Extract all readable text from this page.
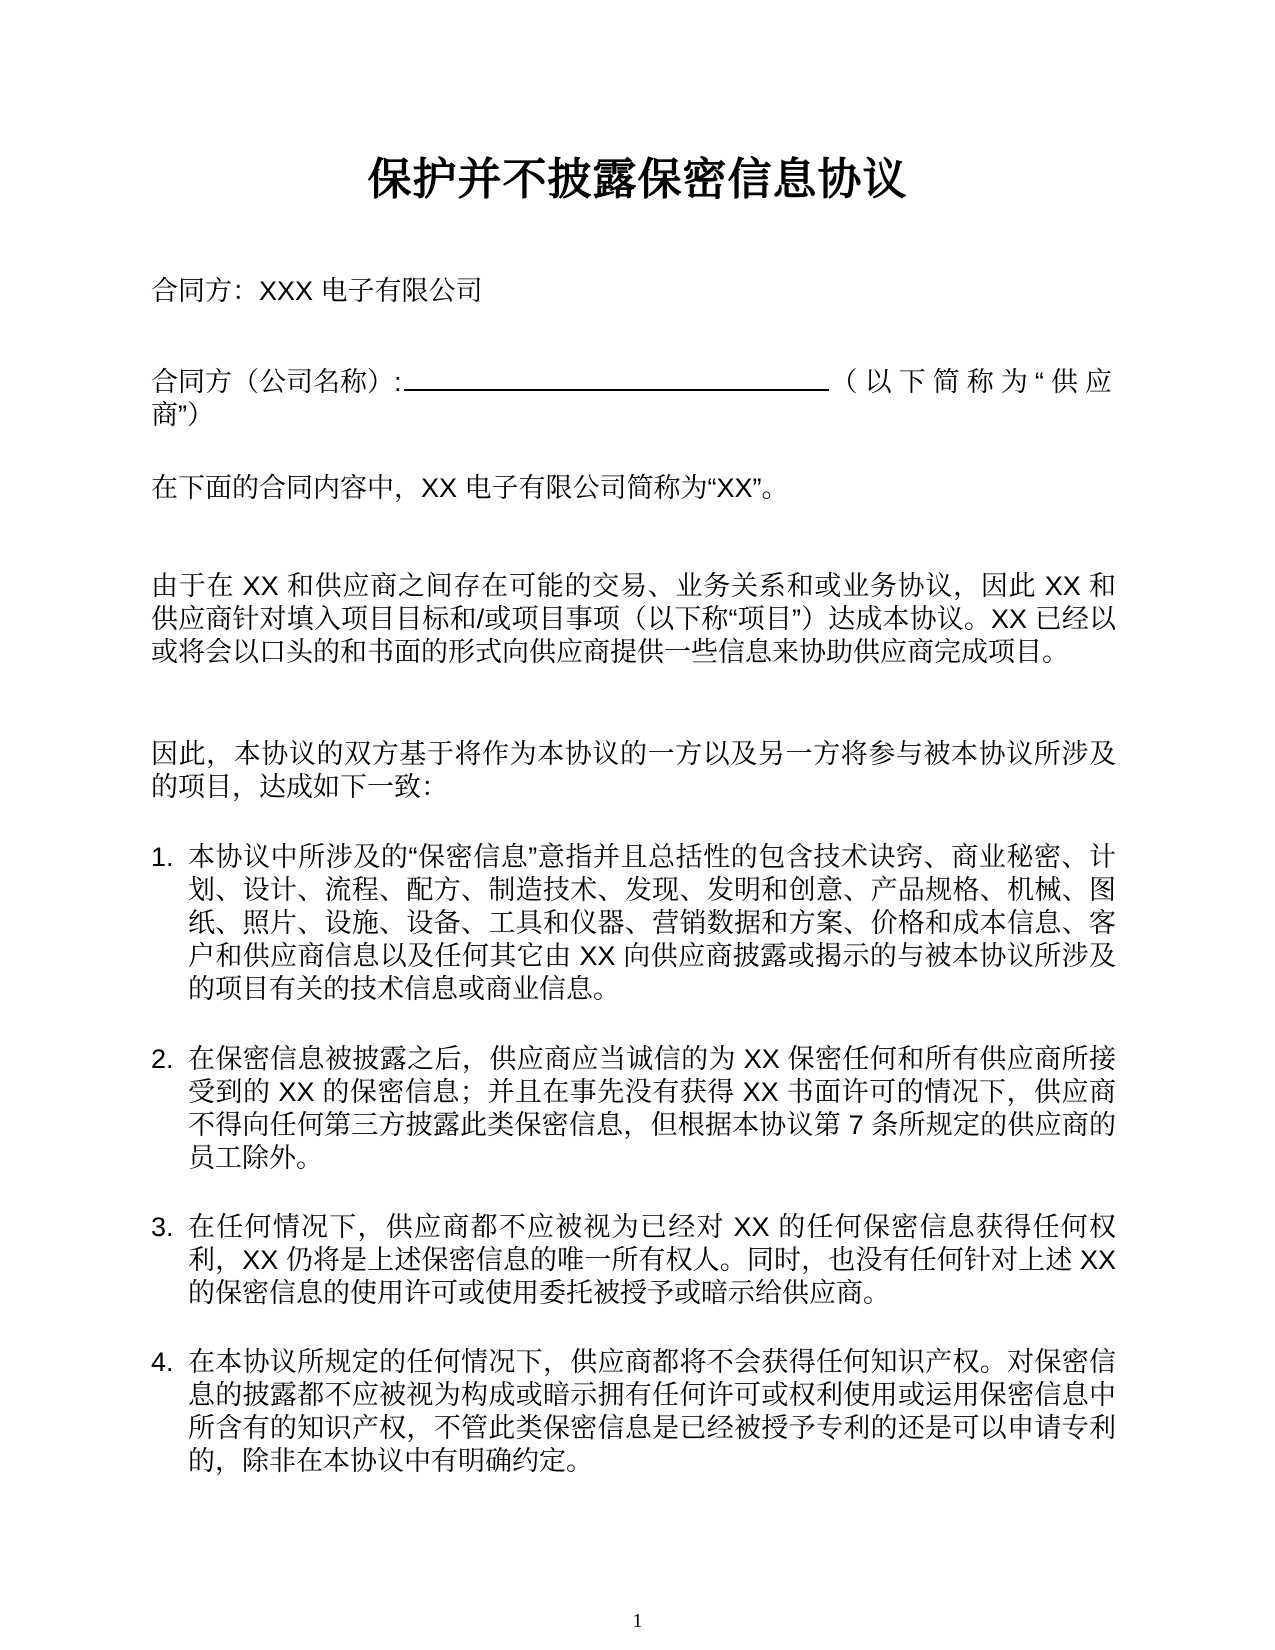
保护并不披露保密信息协议
合同方：XXX 电子有限公司
合同方（公司名称）:	（以下简称为“供应
商”）
在下面的合同内容中，XX 电子有限公司简称为“XX”。
由于在 XX 和供应商之间存在可能的交易、业务关系和或业务协议，因此 XX 和供应商针对填入项目目标和/或项目事项（以下称“项目”）达成本协议。XX 已经以或将会以口头的和书面的形式向供应商提供一些信息来协助供应商完成项目。
因此，本协议的双方基于将作为本协议的一方以及另一方将参与被本协议所涉及的项目，达成如下一致：
1. 本协议中所涉及的“保密信息”意指并且总括性的包含技术诀窍、商业秘密、计划、设计、流程、配方、制造技术、发现、发明和创意、产品规格、机械、图纸、照片、设施、设备、工具和仪器、营销数据和方案、价格和成本信息、客户和供应商信息以及任何其它由 XX 向供应商披露或揭示的与被本协议所涉及的项目有关的技术信息或商业信息。
2. 在保密信息被披露之后，供应商应当诚信的为 XX 保密任何和所有供应商所接受到的 XX 的保密信息；并且在事先没有获得 XX 书面许可的情况下，供应商不得向任何第三方披露此类保密信息，但根据本协议第 7 条所规定的供应商的员工除外。
3. 在任何情况下，供应商都不应被视为已经对 XX 的任何保密信息获得任何权利，XX 仍将是上述保密信息的唯一所有权人。同时，也没有任何针对上述 XX 的保密信息的使用许可或使用委托被授予或暗示给供应商。
4. 在本协议所规定的任何情况下，供应商都将不会获得任何知识产权。对保密信息的披露都不应被视为构成或暗示拥有任何许可或权利使用或运用保密信息中所含有的知识产权，不管此类保密信息是已经被授予专利的还是可以申请专利的，除非在本协议中有明确约定。
1
